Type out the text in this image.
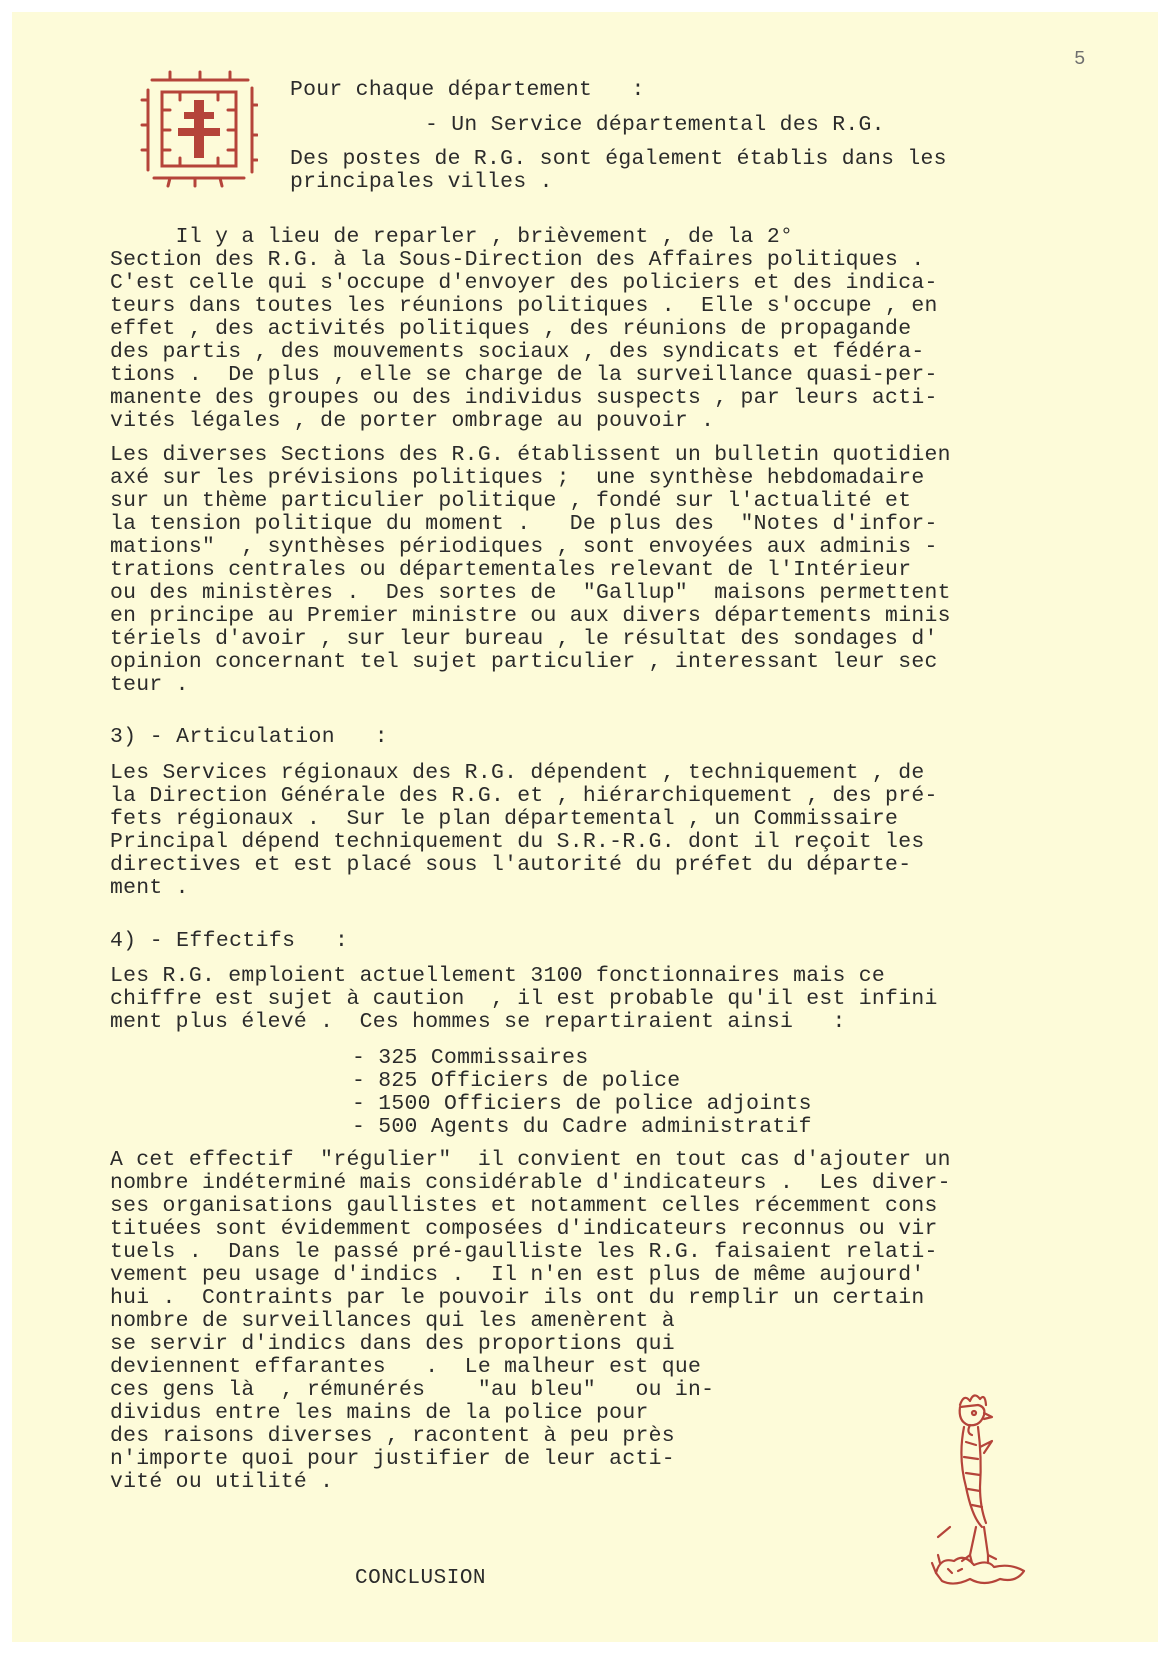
5
Pour chaque département   :
- Un Service départemental des R.G.
Des postes de R.G. sont également établis dans les
principales villes .
Il y a lieu de reparler , brièvement , de la 2°
Section des R.G. à la Sous-Direction des Affaires politiques .
C'est celle qui s'occupe d'envoyer des policiers et des indica-
teurs dans toutes les réunions politiques .  Elle s'occupe , en
effet , des activités politiques , des réunions de propagande
des partis , des mouvements sociaux , des syndicats et fédéra-
tions .  De plus , elle se charge de la surveillance quasi-per-
manente des groupes ou des individus suspects , par leurs acti-
vités légales , de porter ombrage au pouvoir .
Les diverses Sections des R.G. établissent un bulletin quotidien
axé sur les prévisions politiques ;  une synthèse hebdomadaire
sur un thème particulier politique , fondé sur l'actualité et
la tension politique du moment .   De plus des  "Notes d'infor-
mations"  , synthèses périodiques , sont envoyées aux adminis -
trations centrales ou départementales relevant de l'Intérieur
ou des ministères .  Des sortes de  "Gallup"  maisons permettent
en principe au Premier ministre ou aux divers départements minis
tériels d'avoir , sur leur bureau , le résultat des sondages d'
opinion concernant tel sujet particulier , interessant leur sec
teur .
3) - Articulation   :
Les Services régionaux des R.G. dépendent , techniquement , de
la Direction Générale des R.G. et , hiérarchiquement , des pré-
fets régionaux .  Sur le plan départemental , un Commissaire
Principal dépend techniquement du S.R.-R.G. dont il reçoit les
directives et est placé sous l'autorité du préfet du départe-
ment .
4) - Effectifs   :
Les R.G. emploient actuellement 3100 fonctionnaires mais ce
chiffre est sujet à caution  , il est probable qu'il est infini
ment plus élevé .  Ces hommes se repartiraient ainsi   :
- 325 Commissaires
- 825 Officiers de police
- 1500 Officiers de police adjoints
- 500 Agents du Cadre administratif
A cet effectif  "régulier"  il convient en tout cas d'ajouter un
nombre indéterminé mais considérable d'indicateurs .  Les diver-
ses organisations gaullistes et notamment celles récemment cons
tituées sont évidemment composées d'indicateurs reconnus ou vir
tuels .  Dans le passé pré-gaulliste les R.G. faisaient relati-
vement peu usage d'indics .  Il n'en est plus de même aujourd'
hui .  Contraints par le pouvoir ils ont du remplir un certain
nombre de surveillances qui les amenèrent à
se servir d'indics dans des proportions qui
deviennent effarantes   .  Le malheur est que
ces gens là  , rémunérés    "au bleu"   ou in-
dividus entre les mains de la police pour
des raisons diverses , racontent à peu près
n'importe quoi pour justifier de leur acti-
vité ou utilité .
CONCLUSION
